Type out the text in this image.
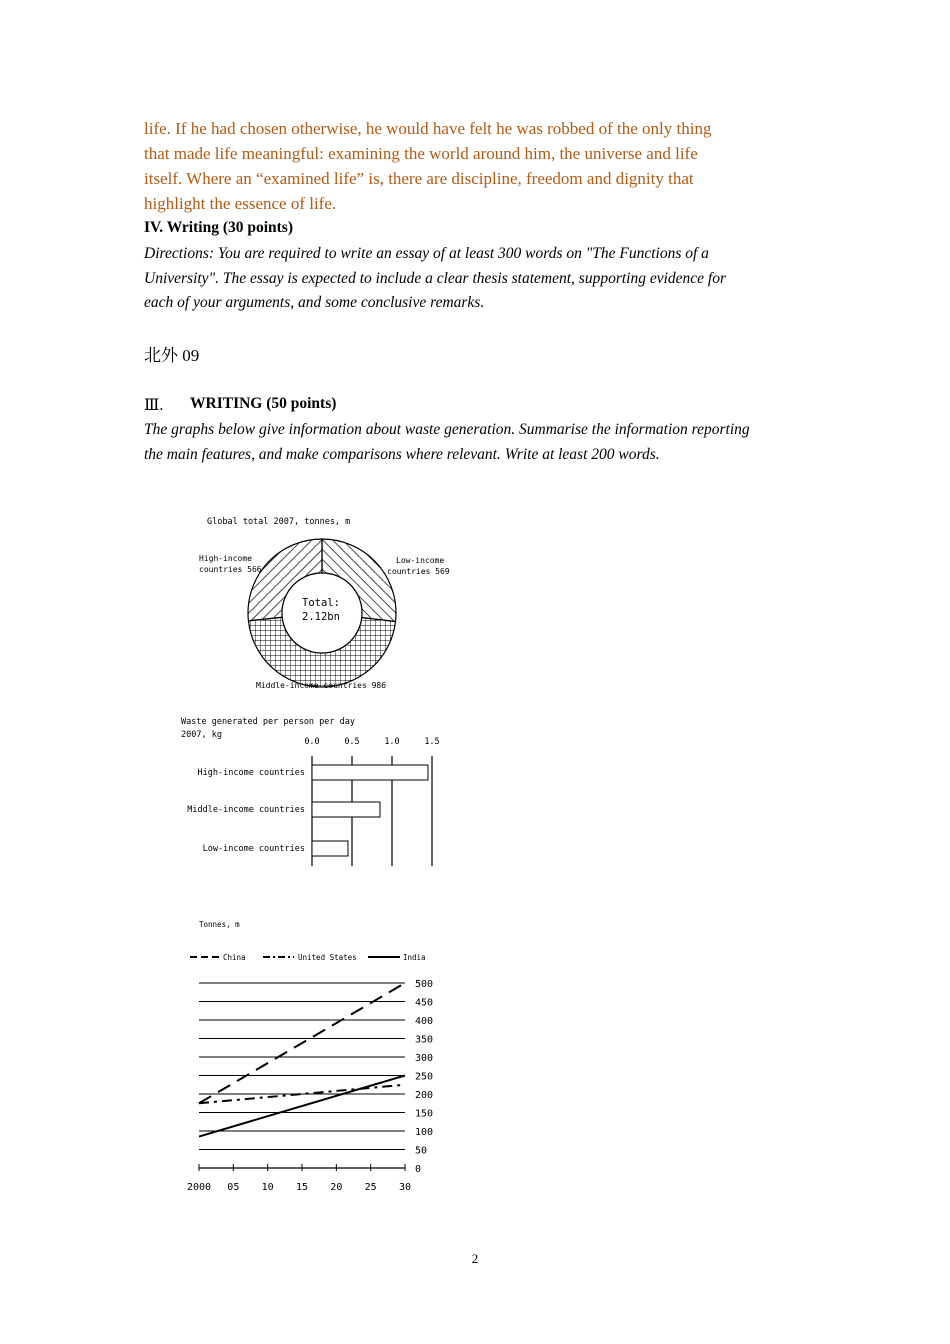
life. If he had chosen otherwise, he would have felt he was robbed of the only thing

that made life meaningful: examining the world around him, the universe and life

itself. Where an “examined life” is, there are discipline, freedom and dignity that

highlight the essence of life.

IV. Writing (30 points)

Directions: You are required to write an essay of at least 300 words on "The Functions of a

University". The essay is expected to include a clear thesis statement, supporting evidence for

each of your arguments, and some conclusive remarks.

北外 09
Ⅲ. WRITING (50 points)

The graphs below give information about waste generation. Summarise the information reporting

the main features, and make comparisons where relevant. Write at least 200 words.

Global total 2007, tonnes, m
Total:
2.12bn
High-income
countries 566
Low-income
countries 569
Middle-income countries 986
Waste generated per person per day
2007, kg
0.0	0.5	1.0	1.5
High-income countries
Middle-income countries
Low-income countries
Tonnes, m
China	United States	India
500
450
400
350
300
250
200
150
100
50
0
2000 05 10 15 20 25 30
2
